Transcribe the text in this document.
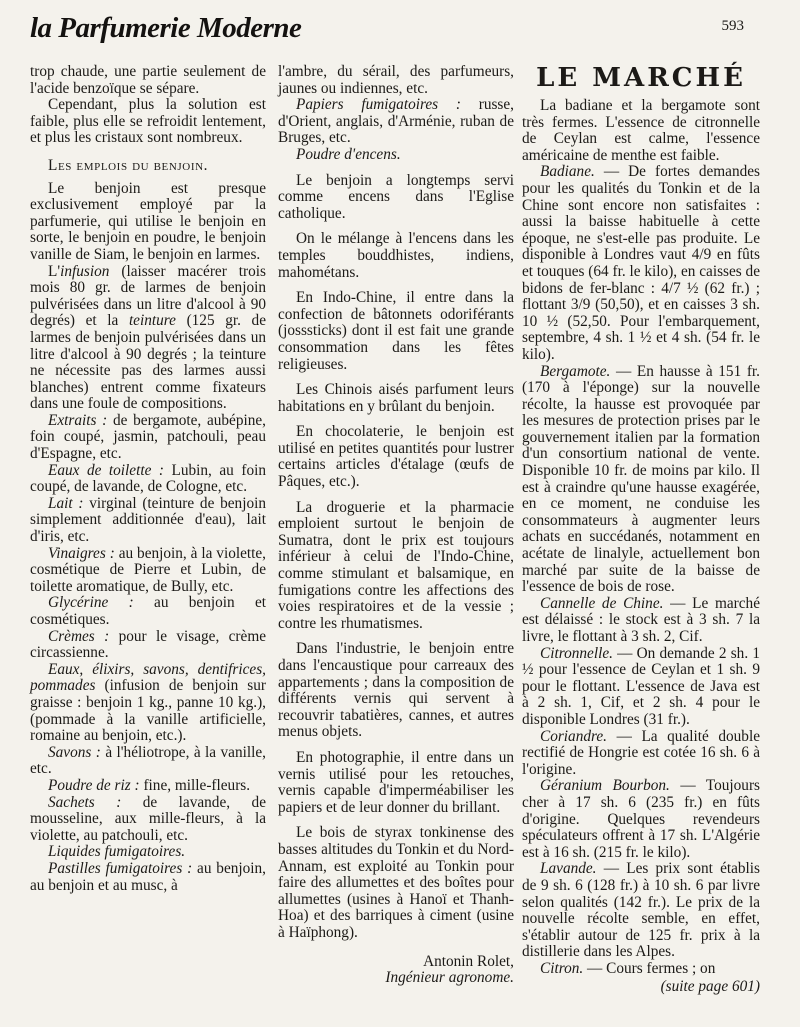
la Parfumerie Moderne	593

trop chaude, une partie seulement de l'acide benzoïque se sépare.

Cependant, plus la solution est faible, plus elle se refroidit lentement, et plus les cristaux sont nombreux.

Les emplois du benjoin.

Le benjoin est presque exclusivement employé par la parfumerie, qui utilise le benjoin en sorte, le benjoin en poudre, le benjoin vanille de Siam, le benjoin en larmes.

L'infusion (laisser macérer trois mois 80 gr. de larmes de benjoin pulvérisées dans un litre d'alcool à 90 degrés) et la teinture (125 gr. de larmes de benjoin pulvérisées dans un litre d'alcool à 90 degrés ; la teinture ne nécessite pas des larmes aussi blanches) entrent comme fixateurs dans une foule de compositions.

Extraits : de bergamote, aubépine, foin coupé, jasmin, patchouli, peau d'Espagne, etc.

Eaux de toilette : Lubin, au foin coupé, de lavande, de Cologne, etc.

Lait : virginal (teinture de benjoin simplement additionnée d'eau), lait d'iris, etc.

Vinaigres : au benjoin, à la violette, cosmétique de Pierre et Lubin, de toilette aromatique, de Bully, etc.

Glycérine : au benjoin et cosmétiques.

Crèmes : pour le visage, crème circassienne.

Eaux, élixirs, savons, dentifrices, pommades (infusion de benjoin sur graisse : benjoin 1 kg., panne 10 kg.), (pommade à la vanille artificielle, romaine au benjoin, etc.).

Savons : à l'héliotrope, à la vanille, etc.

Poudre de riz : fine, mille-fleurs.

Sachets : de lavande, de mousseline, aux mille-fleurs, à la violette, au patchouli, etc.

Liquides fumigatoires.

Pastilles fumigatoires : au benjoin, au benjoin et au musc, à

l'ambre, du sérail, des parfumeurs, jaunes ou indiennes, etc.

Papiers fumigatoires : russe, d'Orient, anglais, d'Arménie, ruban de Bruges, etc.

Poudre d'encens.

Le benjoin a longtemps servi comme encens dans l'Eglise catholique.

On le mélange à l'encens dans les temples bouddhistes, indiens, mahométans.

En Indo-Chine, il entre dans la confection de bâtonnets odoriférants (josssticks) dont il est fait une grande consommation dans les fêtes religieuses.

Les Chinois aisés parfument leurs habitations en y brûlant du benjoin.

En chocolaterie, le benjoin est utilisé en petites quantités pour lustrer certains articles d'étalage (œufs de Pâques, etc.).

La droguerie et la pharmacie emploient surtout le benjoin de Sumatra, dont le prix est toujours inférieur à celui de l'Indo-Chine, comme stimulant et balsamique, en fumigations contre les affections des voies respiratoires et de la vessie ; contre les rhumatismes.

Dans l'industrie, le benjoin entre dans l'encaustique pour carreaux des appartements ; dans la composition de différents vernis qui servent à recouvrir tabatières, cannes, et autres menus objets.

En photographie, il entre dans un vernis utilisé pour les retouches, vernis capable d'imperméabiliser les papiers et de leur donner du brillant.

Le bois de styrax tonkinense des basses altitudes du Tonkin et du Nord-Annam, est exploité au Tonkin pour faire des allumettes et des boîtes pour allumettes (usines à Hanoï et Thanh-Hoa) et des barriques à ciment (usine à Haïphong).

Antonin Rolet,

Ingénieur agronome.

LE MARCHÉ

La badiane et la bergamote sont très fermes. L'essence de citronnelle de Ceylan est calme, l'essence américaine de menthe est faible.

Badiane. — De fortes demandes pour les qualités du Tonkin et de la Chine sont encore non satisfaites : aussi la baisse habituelle à cette époque, ne s'est-elle pas produite. Le disponible à Londres vaut 4/9 en fûts et touques (64 fr. le kilo), en caisses de bidons de fer-blanc : 4/7 ½ (62 fr.) ; flottant 3/9 (50,50), et en caisses 3 sh. 10 ½ (52,50. Pour l'embarquement, septembre, 4 sh. 1 ½ et 4 sh. (54 fr. le kilo).

Bergamote. — En hausse à 151 fr. (170 à l'éponge) sur la nouvelle récolte, la hausse est provoquée par les mesures de protection prises par le gouvernement italien par la formation d'un consortium national de vente. Disponible 10 fr. de moins par kilo. Il est à craindre qu'une hausse exagérée, en ce moment, ne conduise les consommateurs à augmenter leurs achats en succédanés, notamment en acétate de linalyle, actuellement bon marché par suite de la baisse de l'essence de bois de rose.

Cannelle de Chine. — Le marché est délaissé : le stock est à 3 sh. 7 la livre, le flottant à 3 sh. 2, Cif.

Citronnelle. — On demande 2 sh. 1 ½ pour l'essence de Ceylan et 1 sh. 9 pour le flottant. L'essence de Java est à 2 sh. 1, Cif, et 2 sh. 4 pour le disponible Londres (31 fr.).

Coriandre. — La qualité double rectifié de Hongrie est cotée 16 sh. 6 à l'origine.

Géranium Bourbon. — Toujours cher à 17 sh. 6 (235 fr.) en fûts d'origine. Quelques revendeurs spéculateurs offrent à 17 sh. L'Algérie est à 16 sh. (215 fr. le kilo).

Lavande. — Les prix sont établis de 9 sh. 6 (128 fr.) à 10 sh. 6 par livre selon qualités (142 fr.). Le prix de la nouvelle récolte semble, en effet, s'établir autour de 125 fr. prix à la distillerie dans les Alpes.

Citron. — Cours fermes ; on

(suite page 601)
